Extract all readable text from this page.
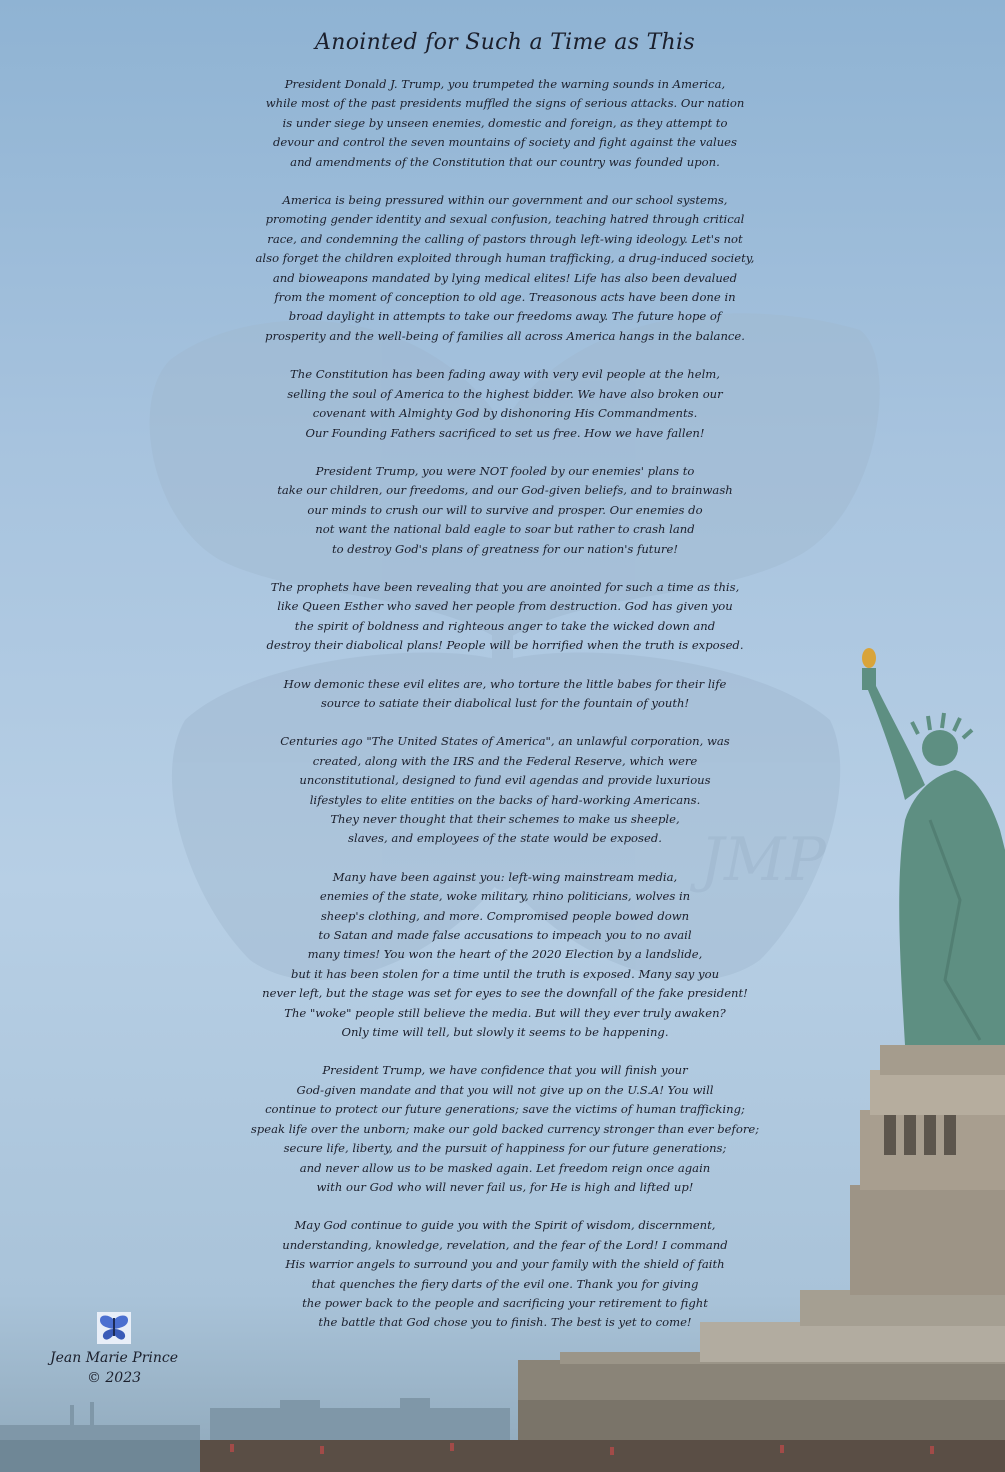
JMP
Anointed for Such a Time as This
President Donald J. Trump, you trumpeted the warning sounds in America,
while most of the past presidents muffled the signs of serious attacks. Our nation
is under siege by unseen enemies, domestic and foreign, as they attempt to
devour and control the seven mountains of society and fight against the values
and amendments of the Constitution that our country was founded upon.
America is being pressured within our government and our school systems,
promoting gender identity and sexual confusion, teaching hatred through critical
race, and condemning the calling of pastors through left-wing ideology. Let's not
also forget the children exploited through human trafficking, a drug-induced society,
and bioweapons mandated by lying medical elites! Life has also been devalued
from the moment of conception to old age. Treasonous acts have been done in
broad daylight in attempts to take our freedoms away. The future hope of
prosperity and the well-being of families all across America hangs in the balance.
The Constitution has been fading away with very evil people at the helm,
selling the soul of America to the highest bidder. We have also broken our
covenant with Almighty God by dishonoring His Commandments.
Our Founding Fathers sacrificed to set us free. How we have fallen!
President Trump, you were NOT fooled by our enemies' plans to
take our children, our freedoms, and our God-given beliefs, and to brainwash
our minds to crush our will to survive and prosper. Our enemies do
not want the national bald eagle to soar but rather to crash land
to destroy God's plans of greatness for our nation's future!
The prophets have been revealing that you are anointed for such a time as this,
like Queen Esther who saved her people from destruction. God has given you
the spirit of boldness and righteous anger to take the wicked down and
destroy their diabolical plans! People will be horrified when the truth is exposed.
How demonic these evil elites are, who torture the little babes for their life
source to satiate their diabolical lust for the fountain of youth!
Centuries ago "The United States of America", an unlawful corporation, was
created, along with the IRS and the Federal Reserve, which were
unconstitutional, designed to fund evil agendas and provide luxurious
lifestyles to elite entities on the backs of hard-working Americans.
They never thought that their schemes to make us sheeple,
slaves, and employees of the state would be exposed.
Many have been against you: left-wing mainstream media,
enemies of the state, woke military, rhino politicians, wolves in
sheep's clothing, and more. Compromised people bowed down
to Satan and made false accusations to impeach you to no avail
many times! You won the heart of the 2020 Election by a landslide,
but it has been stolen for a time until the truth is exposed. Many say you
never left, but the stage was set for eyes to see the downfall of the fake president!
The "woke" people still believe the media. But will they ever truly awaken?
Only time will tell, but slowly it seems to be happening.
President Trump, we have confidence that you will finish your
God-given mandate and that you will not give up on the U.S.A! You will
continue to protect our future generations; save the victims of human trafficking;
speak life over the unborn; make our gold backed currency stronger than ever before;
secure life, liberty, and the pursuit of happiness for our future generations;
and never allow us to be masked again. Let freedom reign once again
with our God who will never fail us, for He is high and lifted up!
May God continue to guide you with the Spirit of wisdom, discernment,
understanding, knowledge, revelation, and the fear of the Lord! I command
His warrior angels to surround you and your family with the shield of faith
that quenches the fiery darts of the evil one. Thank you for giving
the power back to the people and sacrificing your retirement to fight
the battle that God chose you to finish. The best is yet to come!
Jean Marie Prince
© 2023
